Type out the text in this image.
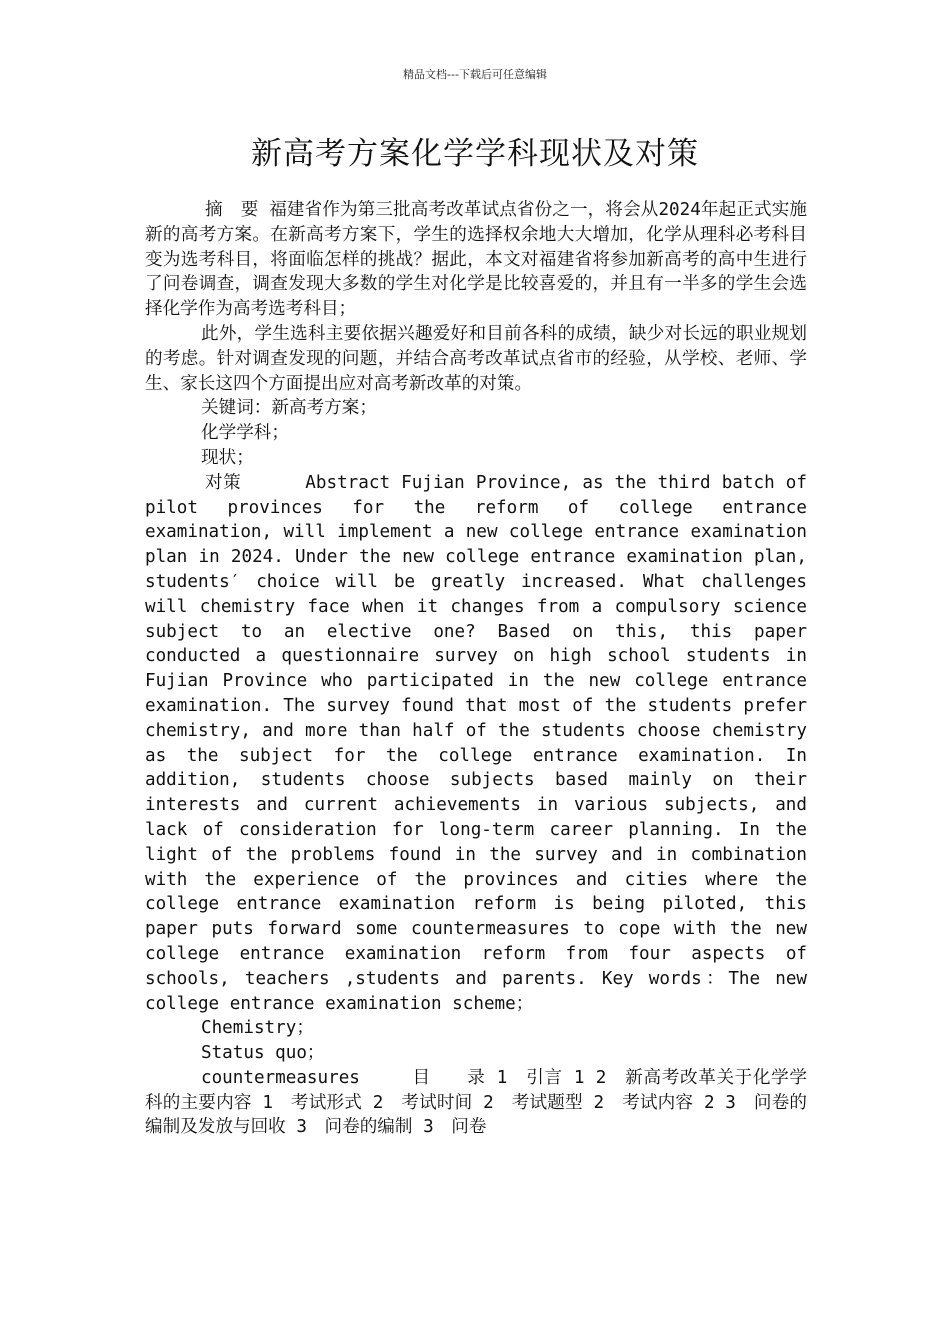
精品文档---下载后可任意编辑
新高考方案化学学科现状及对策

摘 要 福建省作为第三批高考改革试点省份之一，将会从2024年起正式实施新的高考方案。在新高考方案下，学生的选择权余地大大增加，化学从理科必考科目变为选考科目，将面临怎样的挑战？据此，本文对福建省将参加新高考的高中生进行了问卷调查，调查发现大多数的学生对化学是比较喜爱的，并且有一半多的学生会选择化学作为高考选考科目；

此外，学生选科主要依据兴趣爱好和目前各科的成绩，缺少对长远的职业规划的考虑。针对调查发现的问题，并结合高考改革试点省市的经验，从学校、老师、学生、家长这四个方面提出应对高考新改革的对策。

关键词：新高考方案；

化学学科；

现状；

对策	Abstract Fujian Province, as the third batch of pilot provinces for the reform of college entrance examination, will implement a new college entrance examination plan in 2024. Under the new college entrance examination plan, students′ choice will be greatly increased. What challenges will chemistry face when it changes from a compulsory science subject to an elective one? Based on this, this paper conducted a questionnaire survey on high school students in Fujian Province who participated in the new college entrance examination. The survey found that most of the students prefer chemistry, and more than half of the students choose chemistry as the subject for the college entrance examination. In addition, students choose subjects based mainly on their interests and current achievements in various subjects, and lack of consideration for long-term career planning. In the light of the problems found in the survey and in combination with the experience of the provinces and cities where the college entrance examination reform is being piloted, this paper puts forward some countermeasures to cope with the new college entrance examination reform from four aspects of schools, teachers ,students and parents. Key words：The new college entrance examination scheme；

Chemistry；

Status quo；

countermeasures	目　　录 1　引言 1 2　新高考改革关于化学学科的主要内容 1　考试形式 2　考试时间 2　考试题型 2　考试内容 2 3　问卷的编制及发放与回收 3　问卷的编制 3　问卷
